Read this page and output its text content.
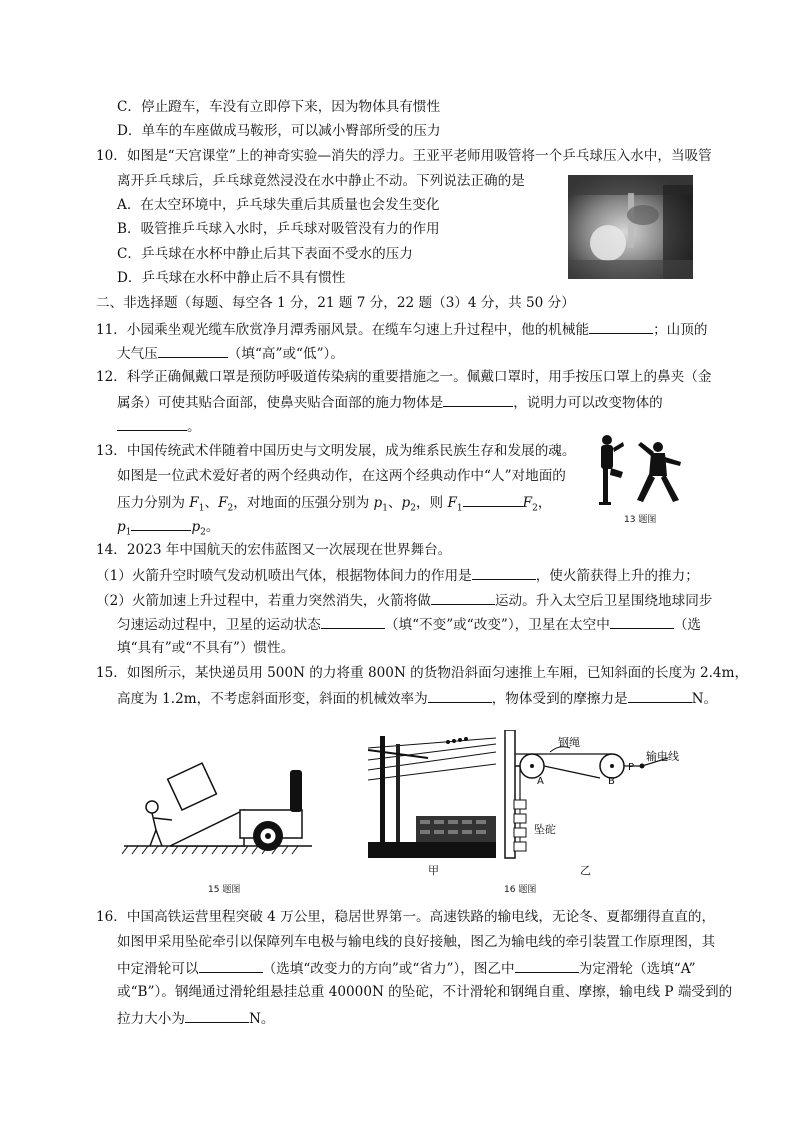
C．停止蹬车，车没有立即停下来，因为物体具有惯性
D．单车的车座做成马鞍形，可以减小臀部所受的压力
10．如图是“天宫课堂”上的神奇实验—消失的浮力。王亚平老师用吸管将一个乒乓球压入水中，当吸管
离开乒乓球后，乒乓球竟然浸没在水中静止不动。下列说法正确的是
A．在太空环境中，乒乓球失重后其质量也会发生变化
B．吸管推乒乓球入水时，乒乓球对吸管没有力的作用
C．乒乓球在水杯中静止后其下表面不受水的压力
D．乒乓球在水杯中静止后不具有惯性
二、非选择题（每题、每空各 1 分，21 题 7 分，22 题（3）4 分，共 50 分）
11．小园乘坐观光缆车欣赏净月潭秀丽风景。在缆车匀速上升过程中，他的机械能	；山顶的
大气压	（填“高”或“低”）。
12．科学正确佩戴口罩是预防呼吸道传染病的重要措施之一。佩戴口罩时，用手按压口罩上的鼻夹（金
属条）可使其贴合面部，使鼻夹贴合面部的施力物体是	，说明力可以改变物体的
。
13．中国传统武术伴随着中国历史与文明发展，成为维系民族生存和发展的魂。
如图是一位武术爱好者的两个经典动作，在这两个经典动作中“人”对地面的
压力分别为 $F_1$、$F_2$，对地面的压强分别为 $p_1$、$p_2$，则 $F_1$	$F_2$，
$p_1$	$p_2$。	13 题图
14．2023 年中国航天的宏伟蓝图又一次展现在世界舞台。
（1）火箭升空时喷气发动机喷出气体，根据物体间力的作用是	，使火箭获得上升的推力；
（2）火箭加速上升过程中，若重力突然消失，火箭将做	运动。升入太空后卫星围绕地球同步
匀速运动过程中，卫星的运动状态	（填“不变”或“改变”），卫星在太空中	（选
填“具有”或“不具有”）惯性。
15．如图所示，某快递员用 500N 的力将重 800N 的货物沿斜面匀速推上车厢，已知斜面的长度为 2.4m，
高度为 1.2m，不考虑斜面形变，斜面的机械效率为	，物体受到的摩擦力是	N。
15 题图
甲
钢绳
输电线
A	B
P
坠砣
乙
16 题图
16．中国高铁运营里程突破 4 万公里，稳居世界第一。高速铁路的输电线，无论冬、夏都绷得直直的，
如图甲采用坠砣牵引以保障列车电极与输电线的良好接触，图乙为输电线的牵引装置工作原理图，其
中定滑轮可以	（选填“改变力的方向”或“省力”），图乙中	为定滑轮（选填“A”
或“B”）。钢绳通过滑轮组悬挂总重 40000N 的坠砣，不计滑轮和钢绳自重、摩擦，输电线 P 端受到的
拉力大小为	N。
